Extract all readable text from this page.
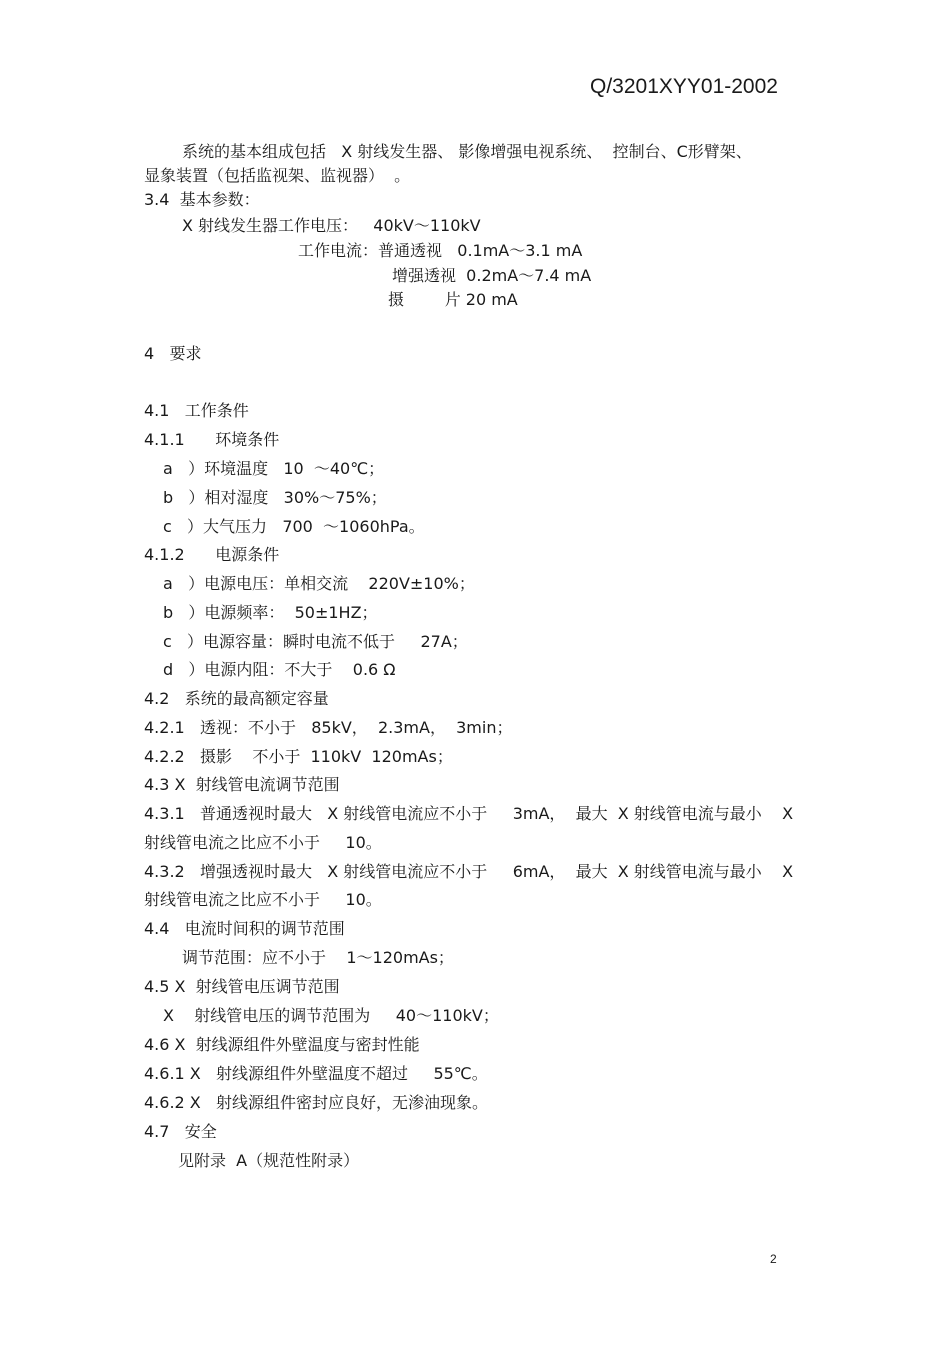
Q/3201XYY01-2002
系统的基本组成包括   X 射线发生器、 影像增强电视系统、  控制台、C形臂架、
显象装置（包括监视架、监视器）  。
3.4  基本参数：
X 射线发生器工作电压：   40kV～110kV
工作电流：普通透视   0.1mA～3.1 mA
增强透视  0.2mA～7.4 mA
摄        片 20 mA
4   要求
4.1   工作条件
4.1.1      环境条件
a   ）环境温度   10  ～40℃；
b   ）相对湿度   30%～75%；
c   ）大气压力   700  ～1060hPa。
4.1.2      电源条件
a   ）电源电压：单相交流    220V±10%；
b   ）电源频率：  50±1HZ；
c   ）电源容量：瞬时电流不低于     27A；
d   ）电源内阻：不大于    0.6 Ω
4.2   系统的最高额定容量
4.2.1   透视：不小于   85kV，  2.3mA，  3min；
4.2.2   摄影    不小于  110kV  120mAs；
4.3 X  射线管电流调节范围
4.3.1   普通透视时最大   X 射线管电流应不小于     3mA，  最大  X 射线管电流与最小    X
射线管电流之比应不小于     10。
4.3.2   增强透视时最大   X 射线管电流应不小于     6mA，  最大  X 射线管电流与最小    X
射线管电流之比应不小于     10。
4.4   电流时间积的调节范围
调节范围：应不小于    1～120mAs；
4.5 X  射线管电压调节范围
X    射线管电压的调节范围为     40～110kV；
4.6 X  射线源组件外壁温度与密封性能
4.6.1 X   射线源组件外壁温度不超过     55℃。
4.6.2 X   射线源组件密封应良好，无渗油现象。
4.7   安全
见附录  A（规范性附录）
2
